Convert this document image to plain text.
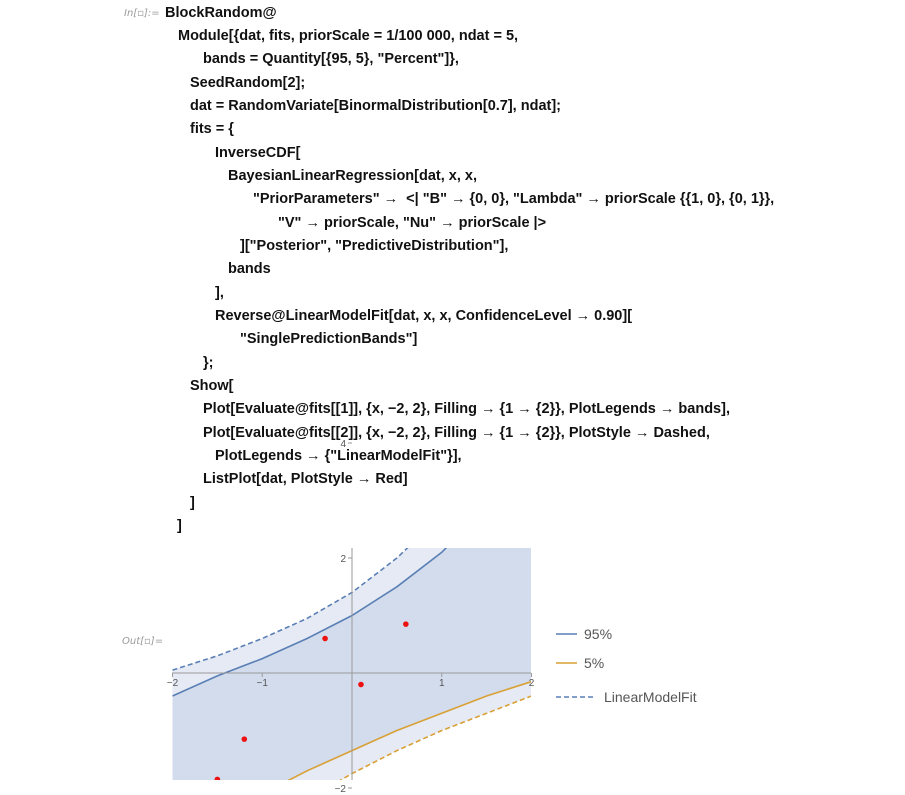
In[▫]:= BlockRandom@
Module[{dat, fits, priorScale = 1/100 000, ndat = 5,
bands = Quantity[{95, 5}, "Percent"]},
SeedRandom[2];
dat = RandomVariate[BinormalDistribution[0.7], ndat];
fits = {
InverseCDF[
BayesianLinearRegression[dat, x, x,
"PriorParameters" →  <| "B" → {0, 0}, "Lambda" → priorScale {{1, 0}, {0, 1}},
"V" → priorScale, "Nu" → priorScale |>
]["Posterior", "PredictiveDistribution"],
bands
],
Reverse@LinearModelFit[dat, x, x, ConfidenceLevel → 0.90][
"SinglePredictionBands"]
};
Show[
Plot[Evaluate@fits[[1]], {x, −2, 2}, Filling → {1 → {2}}, PlotLegends → bands],
Plot[Evaluate@fits[[2]], {x, −2, 2}, Filling → {1 → {2}}, PlotStyle → Dashed,
PlotLegends → {"LinearModelFit"}],
ListPlot[dat, PlotStyle → Red]
]
]
Out[▫]=
−2	−1	1	2
4
2
−2
95%
5%
LinearModelFit
